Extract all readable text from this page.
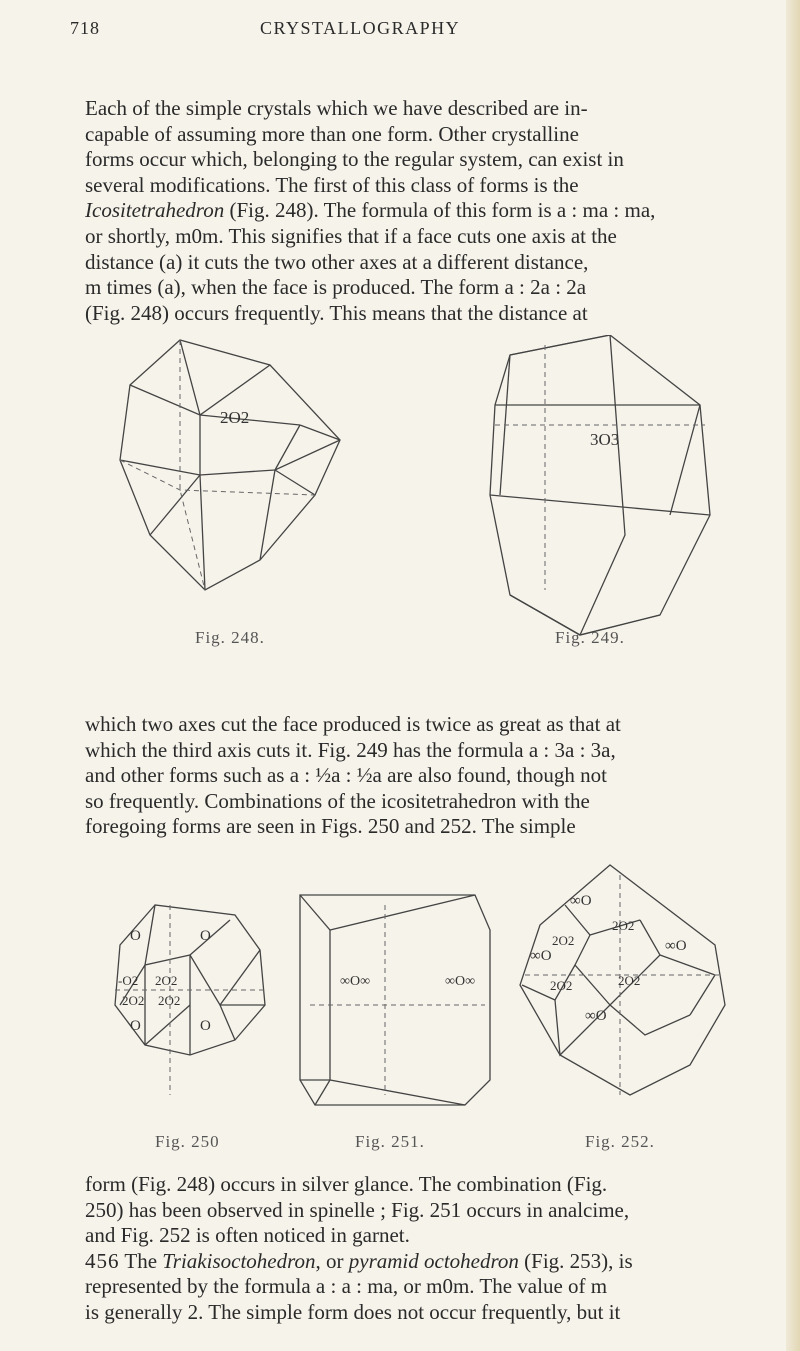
718	CRYSTALLOGRAPHY

Each of the simple crystals which we have described are in-
capable of assuming more than one form. Other crystalline
forms occur which, belonging to the regular system, can exist in
several modifications. The first of this class of forms is the
Icositetrahedron (Fig. 248). The formula of this form is a : ma : ma,
or shortly, m0m. This signifies that if a face cuts one axis at the
distance (a) it cuts the two other axes at a different distance,
m times (a), when the face is produced. The form a : 2a : 2a
(Fig. 248) occurs frequently. This means that the distance at

2O2
Fig. 248.
3O3
Fig. 249.

which two axes cut the face produced is twice as great as that at
which the third axis cuts it. Fig. 249 has the formula a : 3a : 3a,
and other forms such as a : ½a : ½a are also found, though not
so frequently. Combinations of the icositetrahedron with the
foregoing forms are seen in Figs. 250 and 252. The simple

O	O
-O2 2O2
2O2 2O2
O	O
Fig. 250
∞O∞	∞O∞
Fig. 251.
∞O
∞O
∞O
∞O
2O2
2O2
2O2	2O2
Fig. 252.

form (Fig. 248) occurs in silver glance. The combination (Fig.
250) has been observed in spinelle ; Fig. 251 occurs in analcime,
and Fig. 252 is often noticed in garnet.
456 The Triakisoctohedron, or pyramid octohedron (Fig. 253), is
represented by the formula a : a : ma, or m0m. The value of m
is generally 2. The simple form does not occur frequently, but it
